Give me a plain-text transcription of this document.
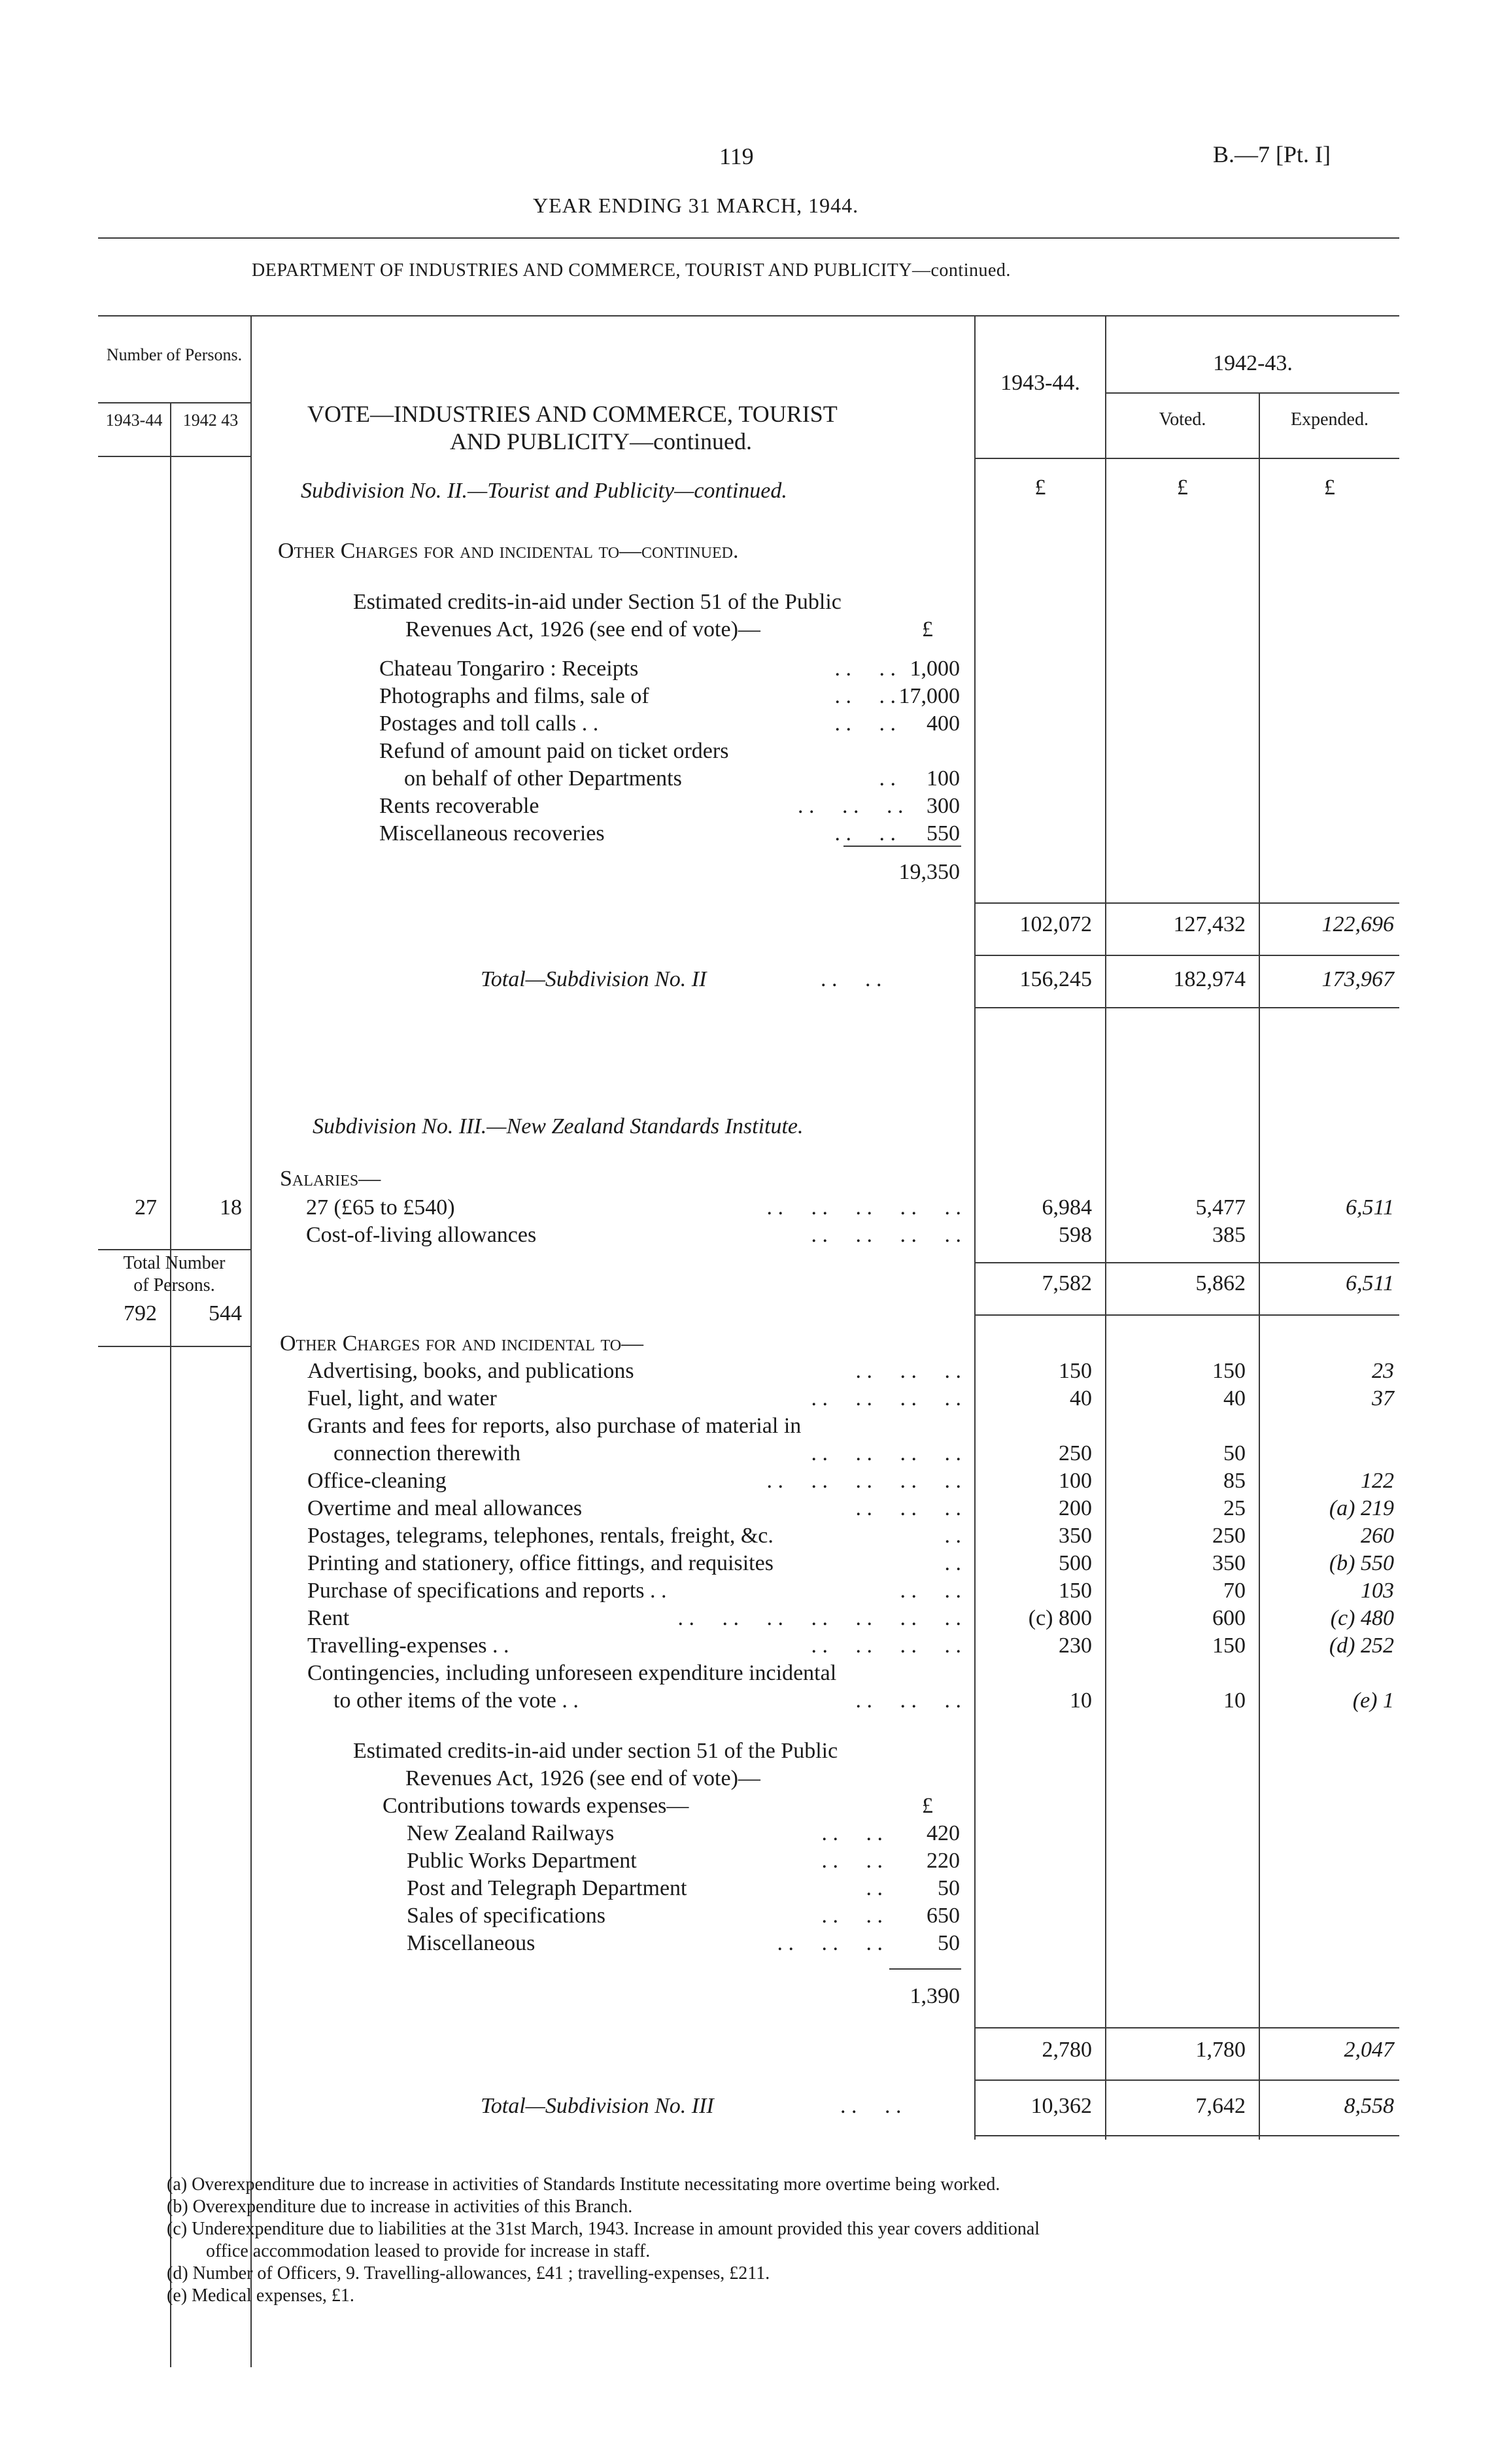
119	B.—7 [Pt. I]
YEAR ENDING 31 MARCH, 1944.
DEPARTMENT OF INDUSTRIES AND COMMERCE, TOURIST AND PUBLICITY—continued.
Number of Persons.
1943-44	1942 43	VOTE—INDUSTRIES AND COMMERCE, TOURIST
AND PUBLICITY—continued.
1943-44.
1942-43.
Voted.	Expended.
£	£	£
Subdivision No. II.—Tourist and Publicity—continued.
Other Charges for and incidental to—continued.
Estimated credits-in-aid under Section 51 of the Public
Revenues Act, 1926 (see end of vote)—	£
Chateau Tongariro : Receipts	. .     . . 1,000
Photographs and films, sale of	. .     . . 17,000
Postages and toll calls . .	. .     . .	400
Refund of amount paid on ticket orders
on behalf of other Departments	. .	100
Rents recoverable	. .     . .     . .	300
Miscellaneous recoveries	. .     . .	550
19,350
102,072	127,432	122,696
Total—Subdivision No. II	. .     . .	156,245	182,974	173,967
Subdivision No. III.—New Zealand Standards Institute.
Salaries—
27	18	27 (£65 to £540)	. .     . .     . .     . .     . .	6,984	5,477	6,511
Cost-of-living allowances	. .     . .     . .     . .	598	385
7,582	5,862	6,511
Total Number
of Persons.
792	544
Other Charges for and incidental to—
Advertising, books, and publications	. .     . .     . .	150	150	23
Fuel, light, and water	. .     . .     . .     . .	40	40	37
Grants and fees for reports, also purchase of material in
connection therewith	. .     . .     . .     . .	250	50
Office-cleaning	. .     . .     . .     . .     . .	100	85	122
Overtime and meal allowances	. .     . .     . .	200	25	(a) 219
Postages, telegrams, telephones, rentals, freight, &c.	. .	350	250	260
Printing and stationery, office fittings, and requisites	. .	500	350	(b) 550
Purchase of specifications and reports . .	. .     . .	150	70	103
Rent	. .     . .     . .     . .     . .     . .     . .	(c) 800	600	(c) 480
Travelling-expenses . .	. .     . .     . .     . .	230	150	(d) 252
Contingencies, including unforeseen expenditure incidental
to other items of the vote . .	. .     . .     . .	10	10	(e) 1
Estimated credits-in-aid under section 51 of the Public
Revenues Act, 1926 (see end of vote)—
Contributions towards expenses—	£
New Zealand Railways	. .     . .	420
Public Works Department	. .     . .	220
Post and Telegraph Department	. .	50
Sales of specifications	. .     . .	650
Miscellaneous	. .     . .     . .	50
1,390
2,780	1,780	2,047
Total—Subdivision No. III	. .     . .	10,362	7,642	8,558
(a) Overexpenditure due to increase in activities of Standards Institute necessitating more overtime being worked.
(b) Overexpenditure due to increase in activities of this Branch.
(c) Underexpenditure due to liabilities at the 31st March, 1943. Increase in amount provided this year covers additional
office accommodation leased to provide for increase in staff.
(d) Number of Officers, 9. Travelling-allowances, £41 ; travelling-expenses, £211.
(e) Medical expenses, £1.
